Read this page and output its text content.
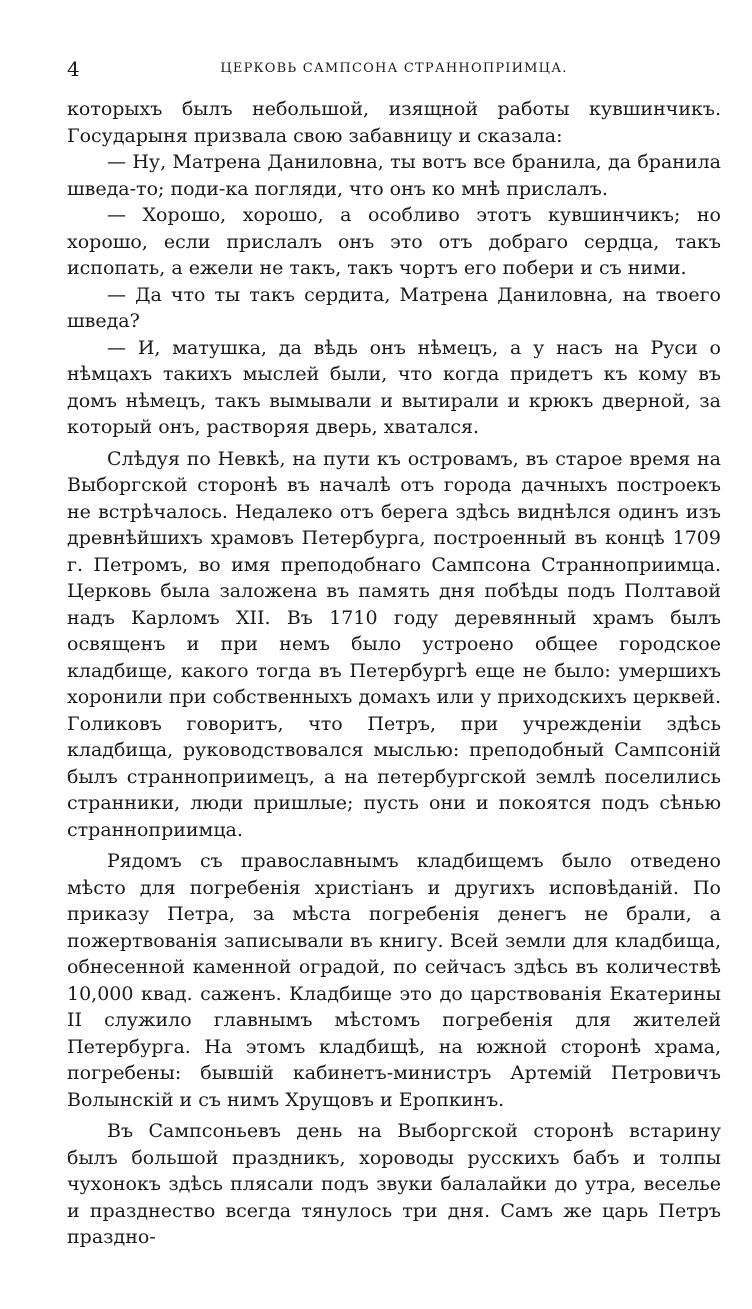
4	ЦЕРКОВЬ САМПСОНА СТРАННОПРІИМЦА.

которыхъ былъ небольшой, изящной работы кувшинчикъ. Государыня призвала свою забавницу и сказала:

— Ну, Матрена Даниловна, ты вотъ все бранила, да бранила шведа-то; поди-ка погляди, что онъ ко мнѣ прислалъ.

— Хорошо, хорошо, а особливо этотъ кувшинчикъ; но хорошо, если прислалъ онъ это отъ добраго сердца, такъ испопать, а ежели не такъ, такъ чортъ его побери и съ ними.

— Да что ты такъ сердита, Матрена Даниловна, на твоего шведа?

— И, матушка, да вѣдь онъ нѣмецъ, а у насъ на Руси о нѣмцахъ такихъ мыслей были, что когда придетъ къ кому въ домъ нѣмецъ, такъ вымывали и вытирали и крюкъ дверной, за который онъ, растворяя дверь, хватался.

Слѣдуя по Невкѣ, на пути къ островамъ, въ старое время на Выборгской сторонѣ въ началѣ отъ города дачныхъ построекъ не встрѣчалось. Недалеко отъ берега здѣсь виднѣлся одинъ изъ древнѣйшихъ храмовъ Петербурга, построенный въ концѣ 1709 г. Петромъ, во имя преподобнаго Сампсона Странноприимца. Церковь была заложена въ память дня побѣды подъ Полтавой надъ Карломъ XII. Въ 1710 году деревянный храмъ былъ освященъ и при немъ было устроено общее городское кладбище, какого тогда въ Петербургѣ еще не было: умершихъ хоронили при собственныхъ домахъ или у приходскихъ церквей. Голиковъ говоритъ, что Петръ, при учрежденіи здѣсь кладбища, руководствовался мыслью: преподобный Сампсоній былъ странноприимецъ, а на петербургской землѣ поселились странники, люди пришлые; пусть они и покоятся подъ сѣнью странноприимца.

Рядомъ съ православнымъ кладбищемъ было отведено мѣсто для погребенія христіанъ и другихъ исповѣданій. По приказу Петра, за мѣста погребенія денегъ не брали, а пожертвованія записывали въ книгу. Всей земли для кладбища, обнесенной каменной оградой, по сейчасъ здѣсь въ количествѣ 10,000 квад. саженъ. Кладбище это до царствованія Екатерины II служило главнымъ мѣстомъ погребенія для жителей Петербурга. На этомъ кладбищѣ, на южной сторонѣ храма, погребены: бывшій кабинетъ-министръ Артемій Петровичъ Волынскій и съ нимъ Хрущовъ и Еропкинъ.

Въ Сампсоньевъ день на Выборгской сторонѣ встарину былъ большой праздникъ, хороводы русскихъ бабъ и толпы чухонокъ здѣсь плясали подъ звуки балалайки до утра, веселье и празднество всегда тянулось три дня. Самъ же царь Петръ праздно-
